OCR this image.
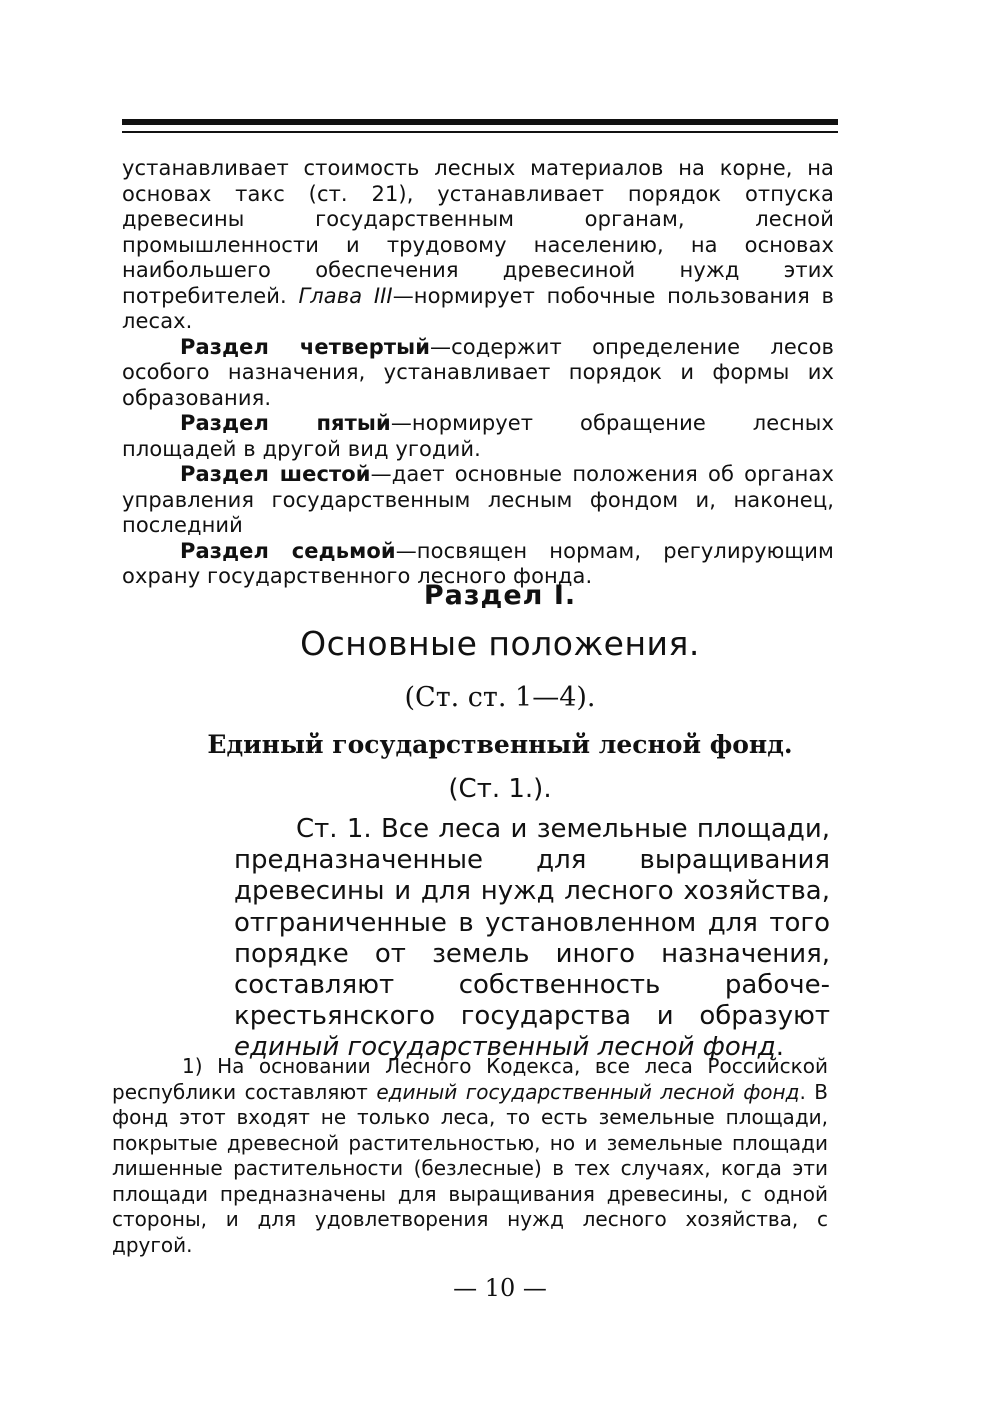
устанавливает стоимость лесных материалов на корне, на основах такс (ст. 21), устанавливает порядок отпуска древесины государственным органам, лесной промышленности и трудовому населению, на основах наибольшего обеспечения древесиной нужд этих потребителей. Глава III—нормирует побочные пользования в лесах.

Раздел четвертый—содержит определение лесов особого назначения, устанавливает порядок и формы их образования.

Раздел пятый—нормирует обращение лесных площадей в другой вид угодий.

Раздел шестой—дает основные положения об органах управления государственным лесным фондом и, наконец, последний

Раздел седьмой—посвящен нормам, регулирующим охрану государственного лесного фонда.

Раздел I.
Основные положения.
(Ст. ст. 1—4).
Единый государственный лесной фонд.
(Ст. 1.).

Ст. 1. Все леса и земельные площади, предназначенные для выращивания древесины и для нужд лесного хозяйства, отграниченные в установленном для того порядке от земель иного назначения, составляют собственность рабоче-крестьянского государства и образуют единый государственный лесной фонд.

1) На основании Лесного Кодекса, все леса Российской республики составляют единый государственный лесной фонд. В фонд этот входят не только леса, то есть земельные площади, покрытые древесной растительностью, но и земельные площади лишенные растительности (безлесные) в тех случаях, когда эти площади предназначены для выращивания древесины, с одной стороны, и для удовлетворения нужд лесного хозяйства, с другой.

— 10 —
